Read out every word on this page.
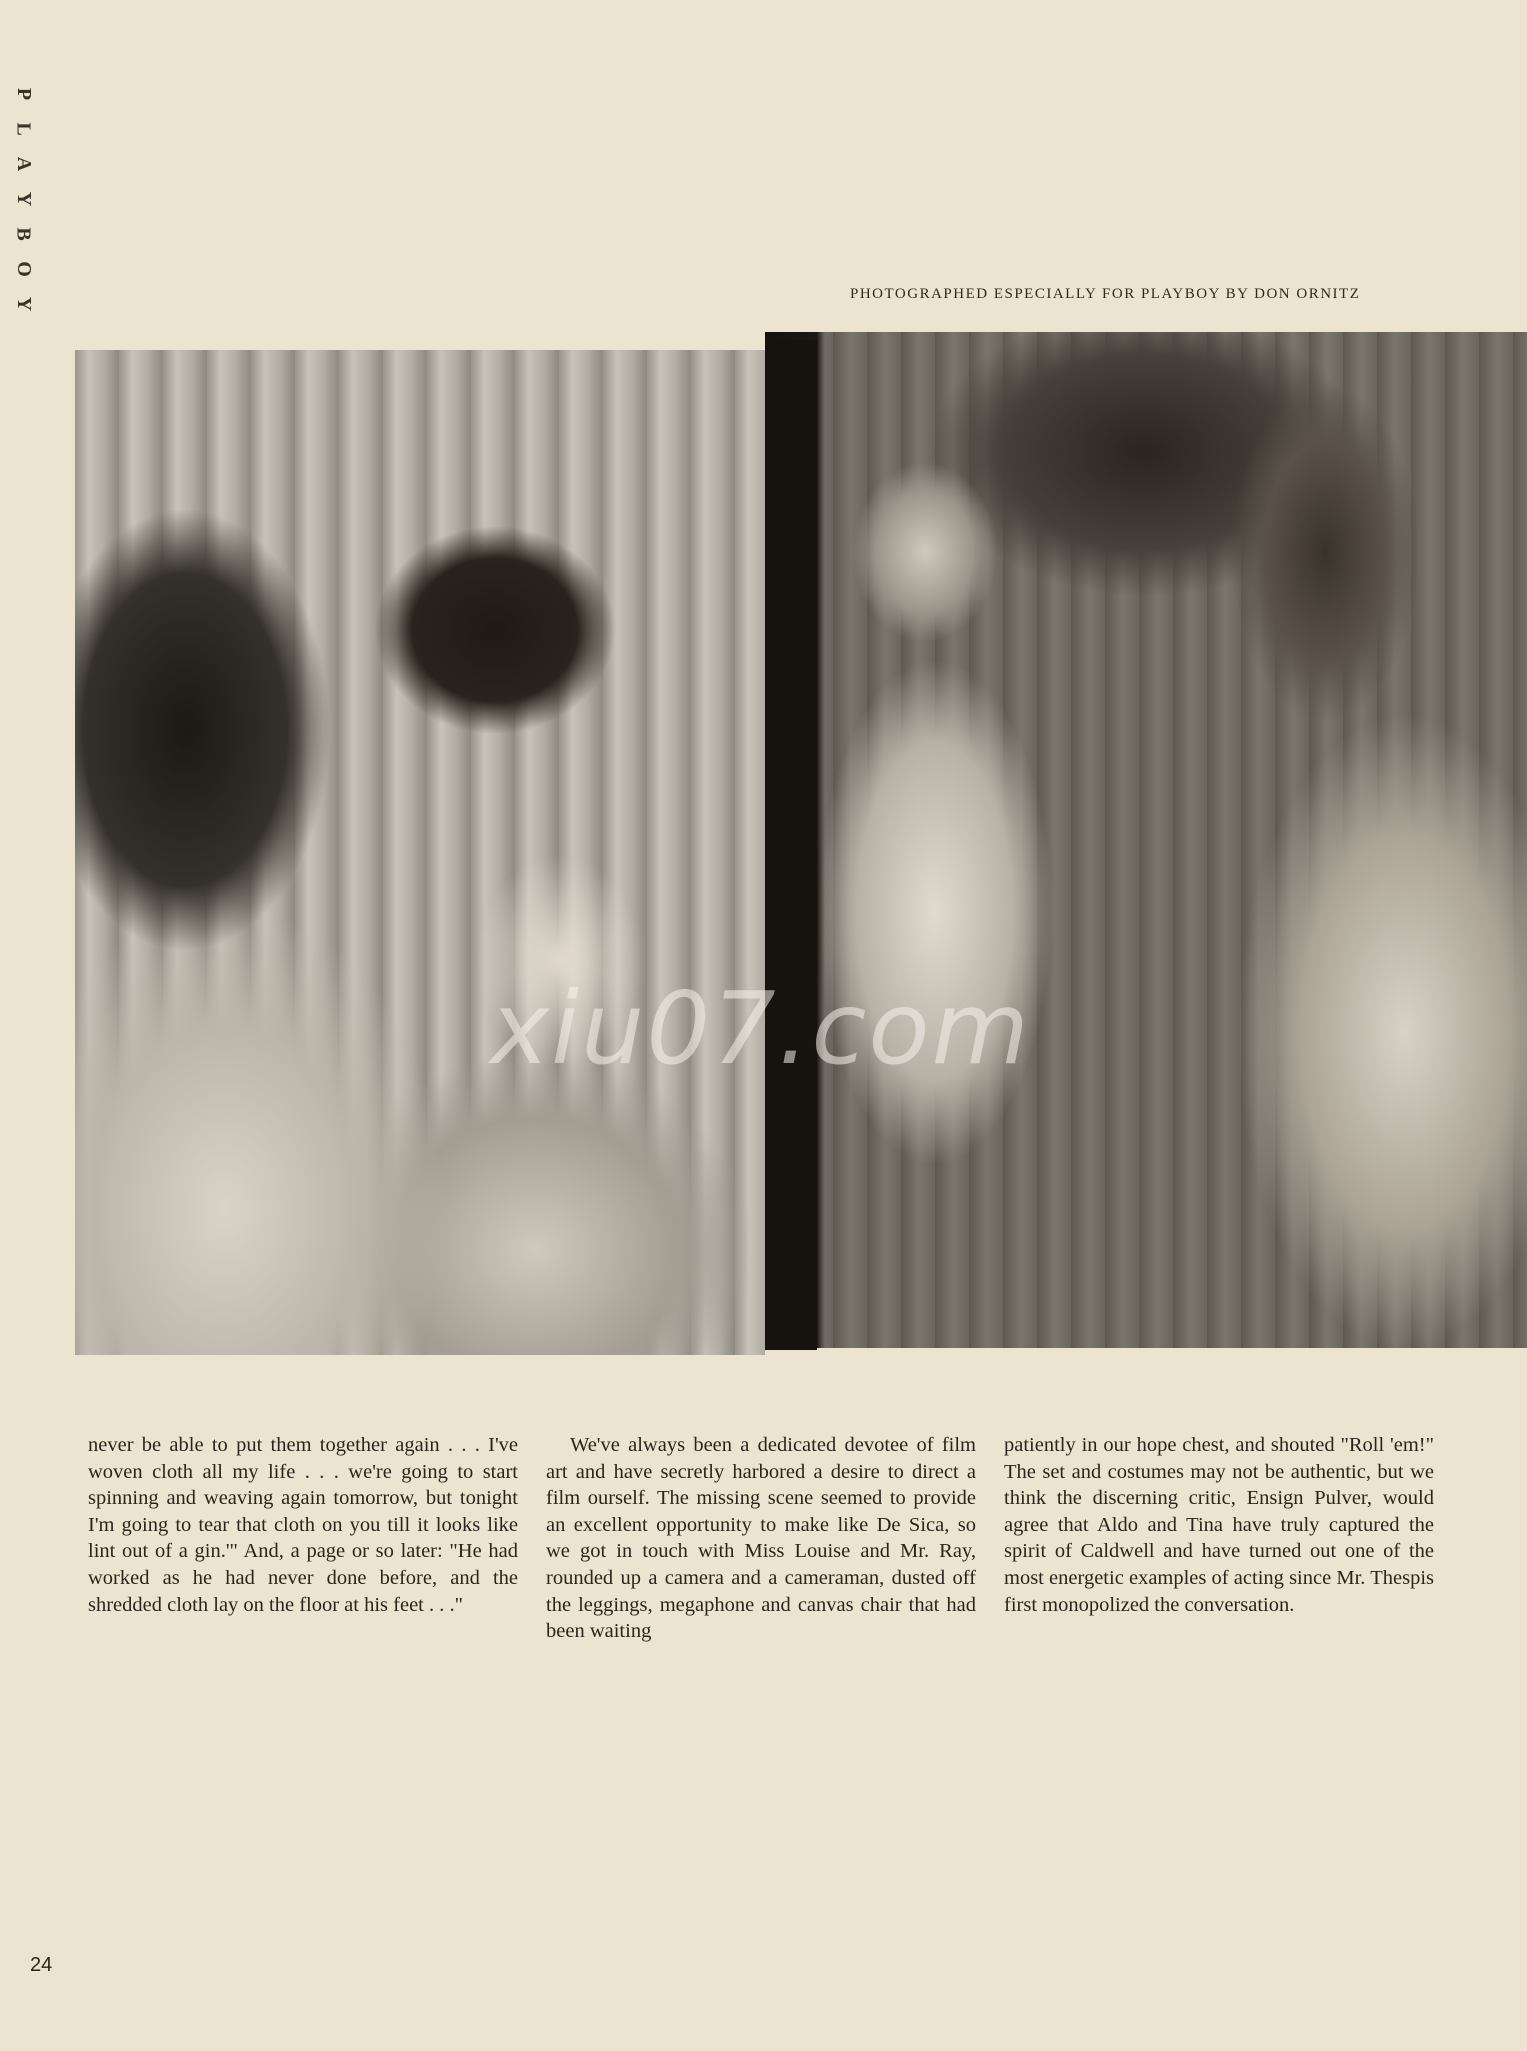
P
L
A
Y
B
O
Y
PHOTOGRAPHED ESPECIALLY FOR PLAYBOY BY DON ORNITZ
xiu07.com

never be able to put them together again . . . I've woven cloth all my life . . . we're going to start spinning and weaving again tomorrow, but tonight I'm going to tear that cloth on you till it looks like lint out of a gin.'" And, a page or so later: "He had worked as he had never done before, and the shredded cloth lay on the floor at his feet . . ."

We've always been a dedicated devotee of film art and have secretly harbored a desire to direct a film ourself. The missing scene seemed to provide an excellent opportunity to make like De Sica, so we got in touch with Miss Louise and Mr. Ray, rounded up a camera and a cameraman, dusted off the leggings, megaphone and canvas chair that had been waiting

patiently in our hope chest, and shouted "Roll 'em!" The set and costumes may not be authentic, but we think the discerning critic, Ensign Pulver, would agree that Aldo and Tina have truly captured the spirit of Caldwell and have turned out one of the most energetic examples of acting since Mr. Thespis first monopolized the conversation.

24
